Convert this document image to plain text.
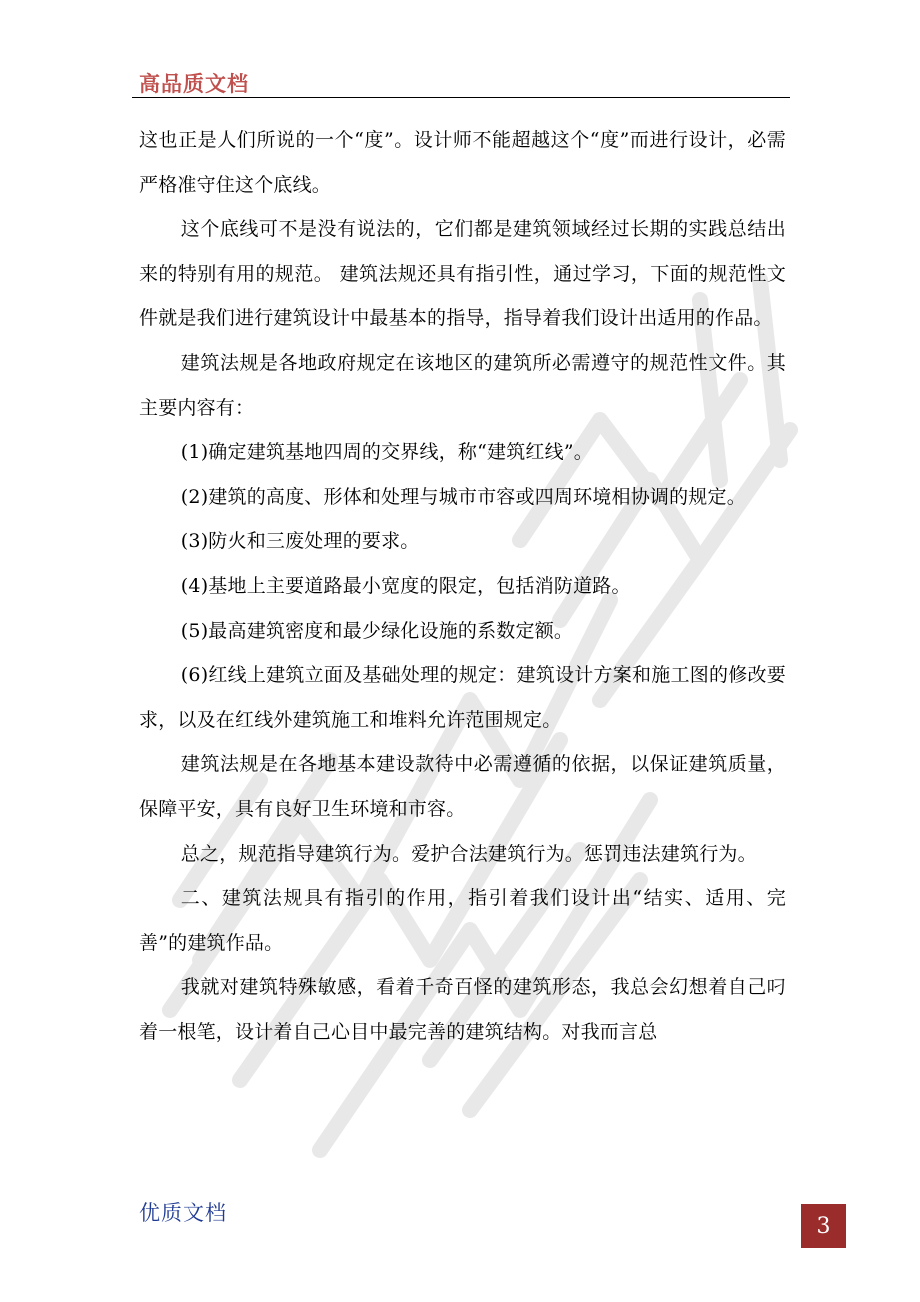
高品质文档

这也正是人们所说的一个“度”。设计师不能超越这个“度”而进行设计，必需严格准守住这个底线。

这个底线可不是没有说法的，它们都是建筑领域经过长期的实践总结出来的特别有用的规范。 建筑法规还具有指引性，通过学习，下面的规范性文件就是我们进行建筑设计中最基本的指导，指导着我们设计出适用的作品。

建筑法规是各地政府规定在该地区的建筑所必需遵守的规范性文件。其主要内容有：

(1)确定建筑基地四周的交界线，称“建筑红线”。

(2)建筑的高度、形体和处理与城市市容或四周环境相协调的规定。

(3)防火和三废处理的要求。

(4)基地上主要道路最小宽度的限定，包括消防道路。

(5)最高建筑密度和最少绿化设施的系数定额。

(6)红线上建筑立面及基础处理的规定：建筑设计方案和施工图的修改要求，以及在红线外建筑施工和堆料允许范围规定。

建筑法规是在各地基本建设款待中必需遵循的依据，以保证建筑质量，保障平安，具有良好卫生环境和市容。

总之，规范指导建筑行为。爱护合法建筑行为。惩罚违法建筑行为。

二、建筑法规具有指引的作用，指引着我们设计出“结实、适用、完善”的建筑作品。

我就对建筑特殊敏感，看着千奇百怪的建筑形态，我总会幻想着自己叼着一根笔，设计着自己心目中最完善的建筑结构。对我而言总

优质文档
3
